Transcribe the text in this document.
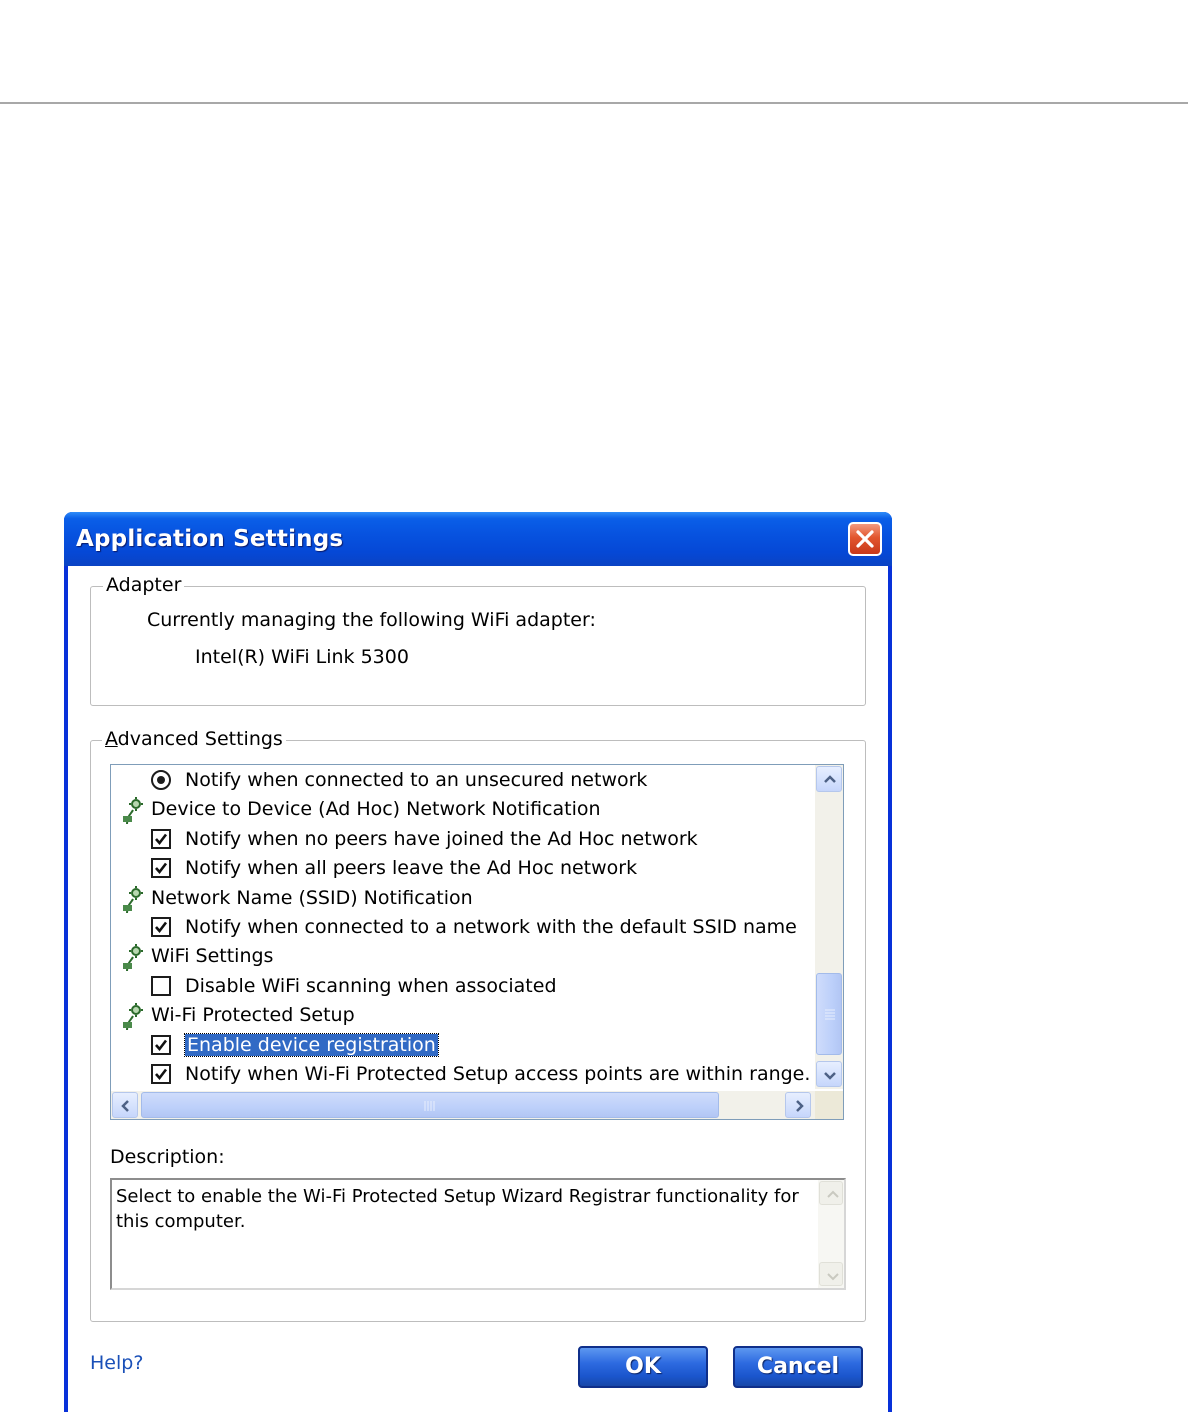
Application Settings
Adapter
Currently managing the following WiFi adapter:
Intel(R) WiFi Link 5300
Advanced Settings
Notify when connected to an unsecured network
Device to Device (Ad Hoc) Network Notification
Notify when no peers have joined the Ad Hoc network
Notify when all peers leave the Ad Hoc network
Network Name (SSID) Notification
Notify when connected to a network with the default SSID name
WiFi Settings
Disable WiFi scanning when associated
Wi-Fi Protected Setup
Enable device registration
Notify when Wi-Fi Protected Setup access points are within range.
Description:
Select to enable the Wi-Fi Protected Setup Wizard Registrar functionality for this computer.
Help?	OK	Cancel
